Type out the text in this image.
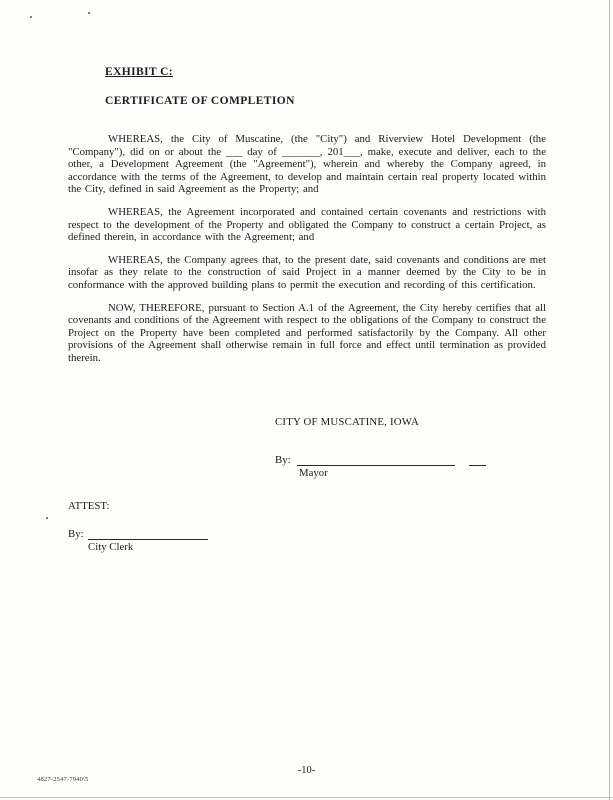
EXHIBIT C:
CERTIFICATE OF COMPLETION

WHEREAS, the City of Muscatine, (the "City") and Riverview Hotel Development (the "Company"), did on or about the ___ day of _______, 201___, make, execute and deliver, each to the other, a Development Agreement (the "Agreement"), wherein and whereby the Company agreed, in accordance with the terms of the Agreement, to develop and maintain certain real property located within the City, defined in said Agreement as the Property; and

WHEREAS, the Agreement incorporated and contained certain covenants and restrictions with respect to the development of the Property and obligated the Company to construct a certain Project, as defined therein, in accordance with the Agreement; and

WHEREAS, the Company agrees that, to the present date, said covenants and conditions are met insofar as they relate to the construction of said Project in a manner deemed by the City to be in conformance with the approved building plans to permit the execution and recording of this certification.

NOW, THEREFORE, pursuant to Section A.1 of the Agreement, the City hereby certifies that all covenants and conditions of the Agreement with respect to the obligations of the Company to construct the Project on the Property have been completed and performed satisfactorily by the Company. All other provisions of the Agreement shall otherwise remain in full force and effect until termination as provided therein.

CITY OF MUSCATINE, IOWA
By:
Mayor
ATTEST:
By:
City Clerk
-10-
4827-2547-7940\5
